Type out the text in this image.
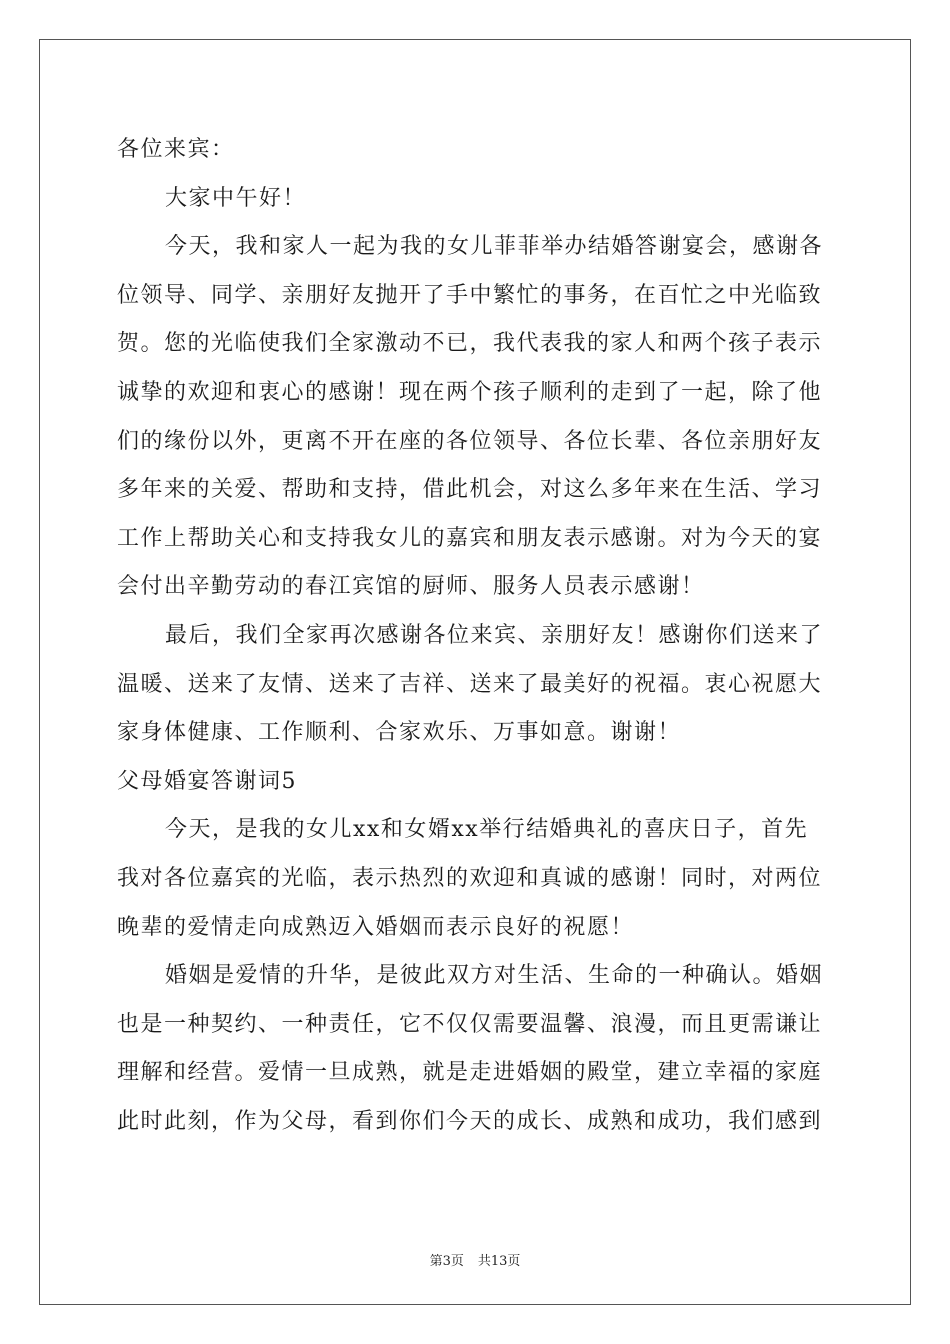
各位来宾：
大家中午好！
今天，我和家人一起为我的女儿菲菲举办结婚答谢宴会，感谢各
位领导、同学、亲朋好友抛开了手中繁忙的事务，在百忙之中光临致
贺。您的光临使我们全家激动不已，我代表我的家人和两个孩子表示
诚挚的欢迎和衷心的感谢！现在两个孩子顺利的走到了一起，除了他
们的缘份以外，更离不开在座的各位领导、各位长辈、各位亲朋好友
多年来的关爱、帮助和支持，借此机会，对这么多年来在生活、学习
工作上帮助关心和支持我女儿的嘉宾和朋友表示感谢。对为今天的宴
会付出辛勤劳动的春江宾馆的厨师、服务人员表示感谢！
最后，我们全家再次感谢各位来宾、亲朋好友！感谢你们送来了
温暖、送来了友情、送来了吉祥、送来了最美好的祝福。衷心祝愿大
家身体健康、工作顺利、合家欢乐、万事如意。谢谢！
父母婚宴答谢词5
今天，是我的女儿xx和女婿xx举行结婚典礼的喜庆日子，首先
我对各位嘉宾的光临，表示热烈的欢迎和真诚的感谢！同时，对两位
晚辈的爱情走向成熟迈入婚姻而表示良好的祝愿！
婚姻是爱情的升华，是彼此双方对生活、生命的一种确认。婚姻
也是一种契约、一种责任，它不仅仅需要温馨、浪漫，而且更需谦让
理解和经营。爱情一旦成熟，就是走进婚姻的殿堂，建立幸福的家庭
此时此刻，作为父母，看到你们今天的成长、成熟和成功，我们感到
第3页 共13页
